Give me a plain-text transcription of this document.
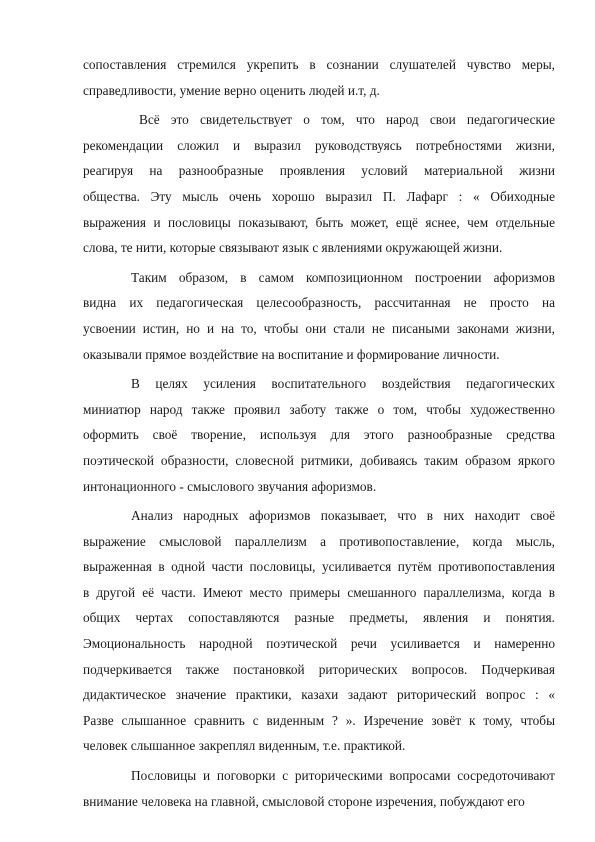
сопоставления стремился укрепить в сознании слушателей чувство меры,
справедливости, умение верно оценить людей и.т, д.
Всё это свидетельствует о том, что народ свои педагогические
рекомендации сложил и выразил руководствуясь потребностями жизни,
реагируя на разнообразные проявления условий материальной жизни
общества. Эту мысль очень хорошо выразил П. Лафарг : « Обиходные
выражения и пословицы показывают, быть может, ещё яснее, чем отдельные
слова, те нити, которые связывают язык с явлениями окружающей жизни.
Таким образом, в самом композиционном построении афоризмов
видна их педагогическая целесообразность, рассчитанная не просто на
усвоении истин, но и на то, чтобы они стали не писаными законами жизни,
оказывали прямое воздействие на воспитание и формирование личности.
В целях усиления воспитательного воздействия педагогических
миниатюр народ также проявил заботу также о том, чтобы художественно
оформить своё творение, используя для этого разнообразные средства
поэтической образности, словесной ритмики, добиваясь таким образом яркого
интонационного - смыслового звучания афоризмов.
Анализ народных афоризмов показывает, что в них находит своё
выражение смысловой параллелизм а противопоставление, когда мысль,
выраженная в одной части пословицы, усиливается путём противопоставления
в другой её части. Имеют место примеры смешанного параллелизма, когда в
общих чертах сопоставляются разные предметы, явления и понятия.
Эмоциональность народной поэтической речи усиливается и намеренно
подчеркивается также постановкой риторических вопросов. Подчеркивая
дидактическое значение практики, казахи задают риторический вопрос : «
Разве слышанное сравнить с виденным ? ». Изречение зовёт к тому, чтобы
человек слышанное закреплял виденным, т.е. практикой.
Пословицы и поговорки с риторическими вопросами сосредоточивают
внимание человека на главной, смысловой стороне изречения, побуждают его
